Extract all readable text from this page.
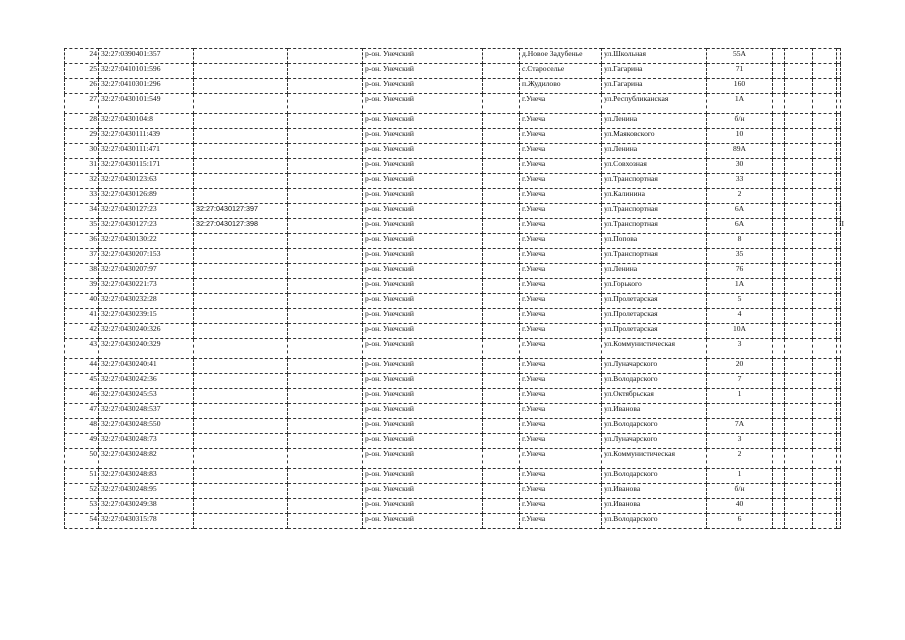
24	32:27:0390401:357			р-он. Унечский		д.Новое Задубенье	ул.Школьная	55А				
25	32:27:0410101:596			р-он. Унечский		с.Староселье	ул.Гагарина	71				
26	32:27:0410301:296			р-он. Унечский		п.Жудилово	ул.Гагарина	160				
27	32:27:0430101:549			р-он. Унечский		г.Унеча	ул.Республиканская	1А				
28	32:27:0430104:8			р-он. Унечский		г.Унеча	ул.Ленина	б/н				
29	32:27:0430111:439			р-он. Унечский		г.Унеча	ул.Маяковского	10				
30	32:27:0430111:471			р-он. Унечский		г.Унеча	ул.Ленина	89А				
31	32:27:0430115:171			р-он. Унечский		г.Унеча	ул.Совхозная	30				
32	32:27:0430123:63			р-он. Унечский		г.Унеча	ул.Транспортная	33				
33	32:27:0430126:89			р-он. Унечский		г.Унеча	ул.Калинина	2				
34	32:27:0430127:23	32:27:0430127:397		р-он. Унечский		г.Унеча	ул.Транспортная	6А				I
35	32:27:0430127:23	32:27:0430127:398		р-он. Унечский		г.Унеча	ул.Транспортная	6А				II
36	32:27:0430130:22			р-он. Унечский		г.Унеча	ул.Попова	8				
37	32:27:0430207:153			р-он. Унечский		г.Унеча	ул.Транспортная	35				
38	32:27:0430207:97			р-он. Унечский		г.Унеча	ул.Ленина	76				
39	32:27:0430221:73			р-он. Унечский		г.Унеча	ул.Горького	1А				
40	32:27:0430232:28			р-он. Унечский		г.Унеча	ул.Пролетарская	5				
41	32:27:0430239:15			р-он. Унечский		г.Унеча	ул.Пролетарская	4				
42	32:27:0430240:326			р-он. Унечский		г.Унеча	ул.Пролетарская	10А				
43	32:27:0430240:329			р-он. Унечский		г.Унеча	ул.Коммунистическая	3				
44	32:27:0430240:41			р-он. Унечский		г.Унеча	ул.Луначарского	20				
45	32:27:0430242:36			р-он. Унечский		г.Унеча	ул.Володарского	7				
46	32:27:0430245:53			р-он. Унечский		г.Унеча	ул.Октябрьская	1				
47	32:27:0430248:537			р-он. Унечский		г.Унеча	ул.Иванова					
48	32:27:0430248:550			р-он. Унечский		г.Унеча	ул.Володарского	7А				
49	32:27:0430248:73			р-он. Унечский		г.Унеча	ул.Луначарского	3				
50	32:27:0430248:82			р-он. Унечский		г.Унеча	ул.Коммунистическая	2				
51	32:27:0430248:83			р-он. Унечский		г.Унеча	ул.Володарского	1				
52	32:27:0430248:95			р-он. Унечский		г.Унеча	ул.Иванова	б/н				
53	32:27:0430249:38			р-он. Унечский		г.Унеча	ул.Иванова	40				
54	32:27:0430315:78			р-он. Унечский		г.Унеча	ул.Володарского	6				
